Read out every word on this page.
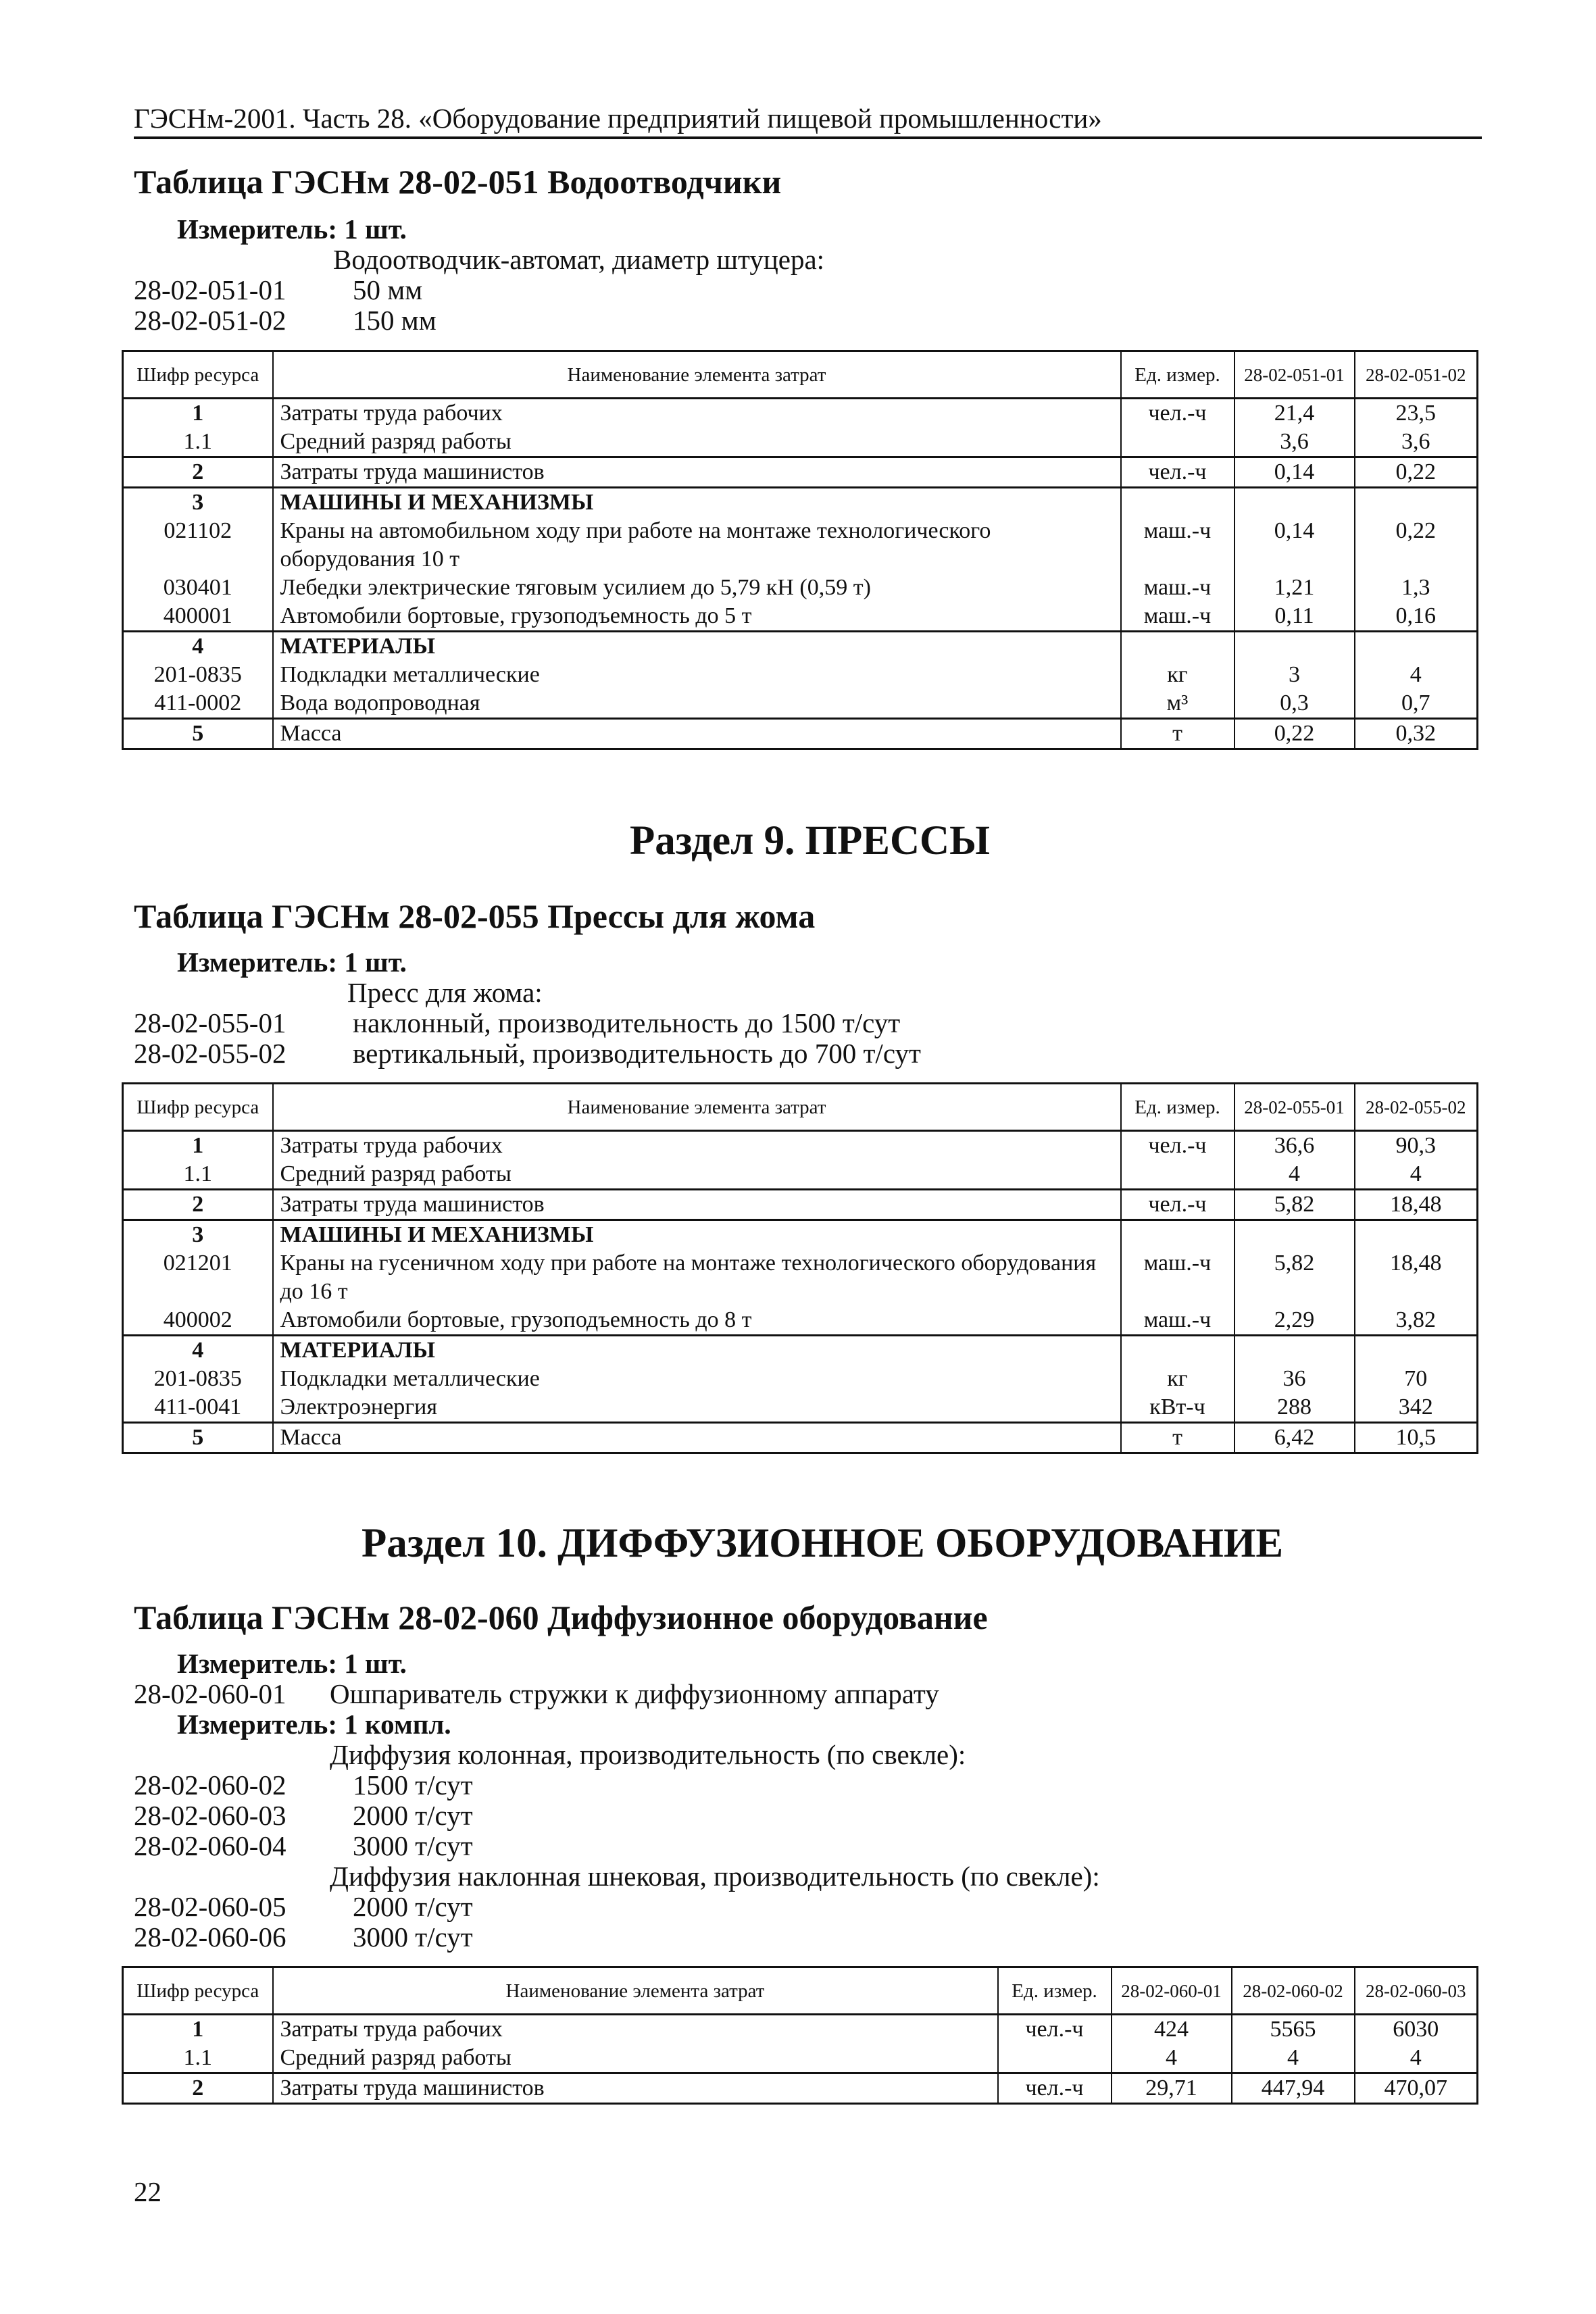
ГЭСНм-2001. Часть 28. «Оборудование предприятий пищевой промышленности»
Таблица ГЭСНм 28-02-051 Водоотводчики
Измеритель: 1 шт.
Водоотводчик-автомат, диаметр штуцера:
28-02-051-01 50 мм
28-02-051-02 150 мм
Шифр ресурса	Наименование элемента затрат	Ед. измер.	28-02-051-01	28-02-051-02
1	Затраты труда рабочих	чел.-ч	21,4	23,5
1.1	Средний разряд работы		3,6	3,6
2	Затраты труда машинистов	чел.-ч	0,14	0,22
3	МАШИНЫ И МЕХАНИЗМЫ			
021102	Краны на автомобильном ходу при работе на монтаже технологического оборудования 10 т	маш.-ч	0,14	0,22
030401	Лебедки электрические тяговым усилием до 5,79 кН (0,59 т)	маш.-ч	1,21	1,3
400001	Автомобили бортовые, грузоподъемность до 5 т	маш.-ч	0,11	0,16
4	МАТЕРИАЛЫ			
201-0835	Подкладки металлические	кг	3	4
411-0002	Вода водопроводная	м³	0,3	0,7
5	Масса	т	0,22	0,32
Раздел 9. ПРЕССЫ
Таблица ГЭСНм 28-02-055 Прессы для жома
Измеритель: 1 шт.
Пресс для жома:
28-02-055-01 наклонный, производительность до 1500 т/сут
28-02-055-02 вертикальный, производительность до 700 т/сут
Шифр ресурса	Наименование элемента затрат	Ед. измер.	28-02-055-01	28-02-055-02
1	Затраты труда рабочих	чел.-ч	36,6	90,3
1.1	Средний разряд работы		4	4
2	Затраты труда машинистов	чел.-ч	5,82	18,48
3	МАШИНЫ И МЕХАНИЗМЫ			
021201	Краны на гусеничном ходу при работе на монтаже технологического оборудования до 16 т	маш.-ч	5,82	18,48
400002	Автомобили бортовые, грузоподъемность до 8 т	маш.-ч	2,29	3,82
4	МАТЕРИАЛЫ			
201-0835	Подкладки металлические	кг	36	70
411-0041	Электроэнергия	кВт-ч	288	342
5	Масса	т	6,42	10,5
Раздел 10. ДИФФУЗИОННОЕ ОБОРУДОВАНИЕ
Таблица ГЭСНм 28-02-060 Диффузионное оборудование
Измеритель: 1 шт.
28-02-060-01 Ошпариватель стружки к диффузионному аппарату
Измеритель: 1 компл.
Диффузия колонная, производительность (по свекле):
28-02-060-02 1500 т/сут
28-02-060-03 2000 т/сут
28-02-060-04 3000 т/сут
Диффузия наклонная шнековая, производительность (по свекле):
28-02-060-05 2000 т/сут
28-02-060-06 3000 т/сут
Шифр ресурса	Наименование элемента затрат	Ед. измер.	28-02-060-01	28-02-060-02	28-02-060-03
1	Затраты труда рабочих	чел.-ч	424	5565	6030
1.1	Средний разряд работы		4	4	4
2	Затраты труда машинистов	чел.-ч	29,71	447,94	470,07
22
